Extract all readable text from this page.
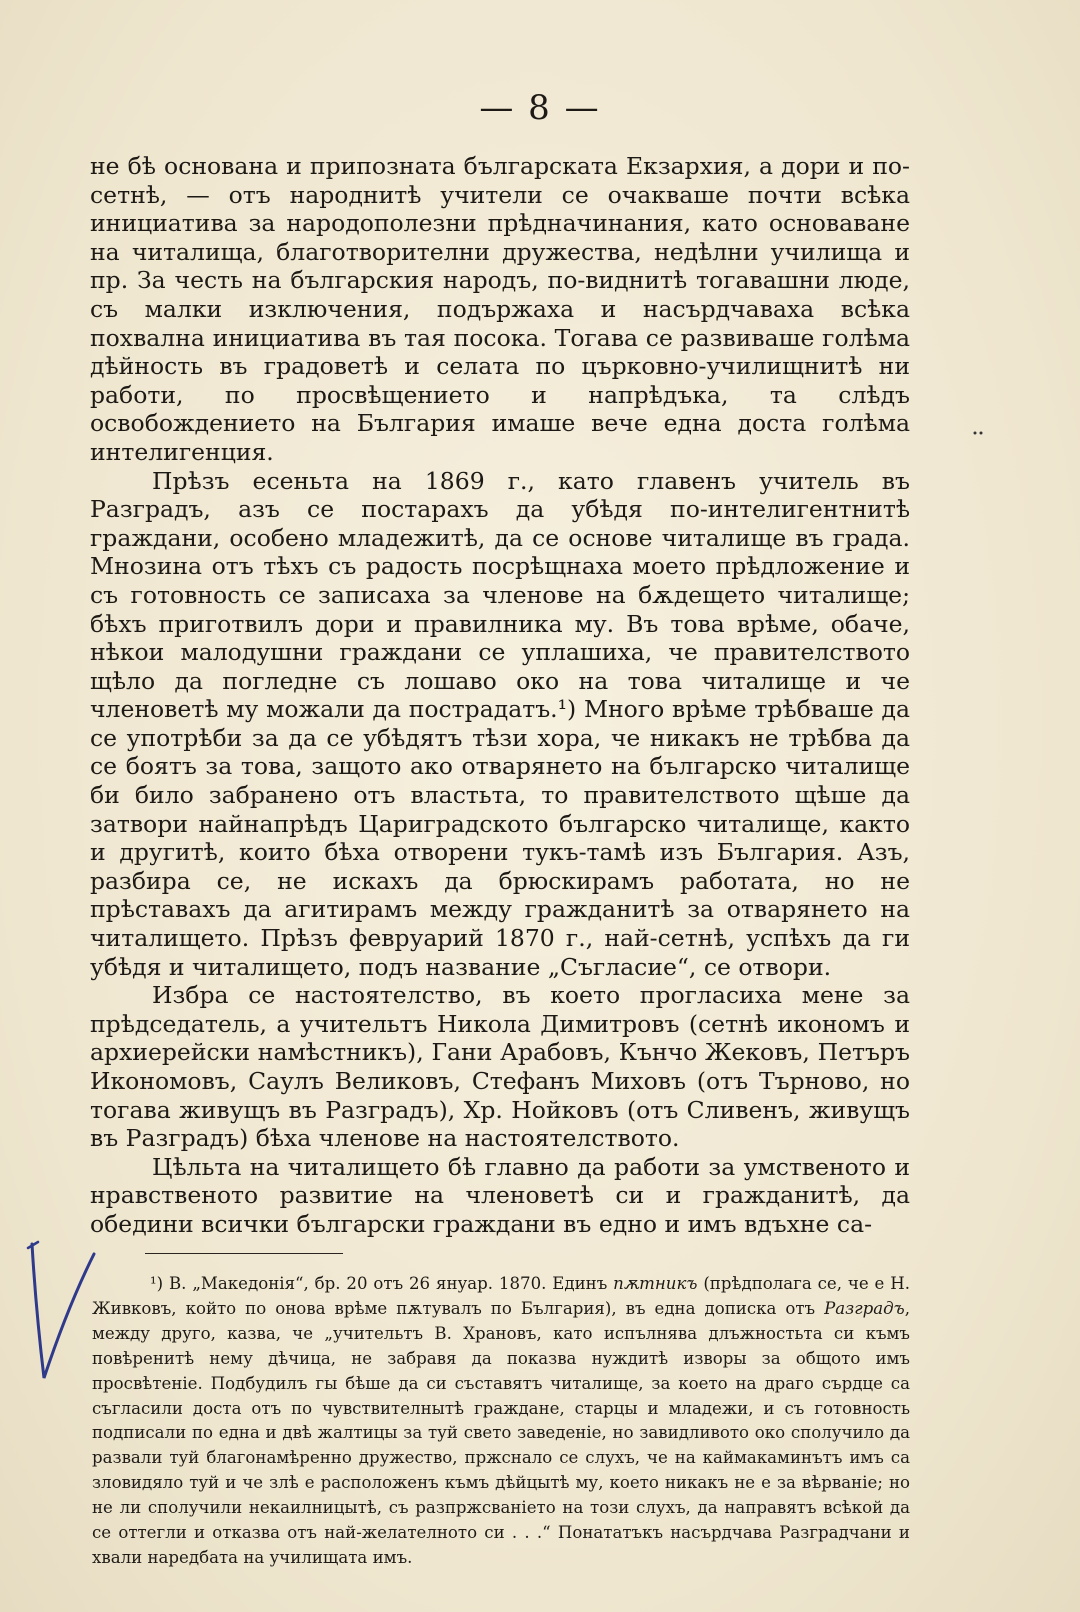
— 8 —

не бѣ основана и припозната българската Екзархия, а дори и по-сетнѣ, — отъ народнитѣ учители се очакваше почти всѣка инициатива за народополезни прѣдначинания, като основаване на читалища, благотворителни дружества, недѣлни училища и пр. За честь на българския народъ, по-виднитѣ тогавашни люде, съ малки изключения, подържаха и насърдчаваха всѣка похвална инициатива въ тая посока. Тогава се развиваше голѣма дѣйность въ градоветѣ и селата по църковно-училищнитѣ ни работи, по просвѣщението и напрѣдъка, та слѣдъ освобождението на България имаше вече една доста голѣма интелигенция.

Прѣзъ есеньта на 1869 г., като главенъ учитель въ Разградъ, азъ се постарахъ да убѣдя по-интелигентнитѣ граждани, особено младежитѣ, да се основе читалище въ града. Мнозина отъ тѣхъ съ радость посрѣщнаха моето прѣдложение и съ готовность се записаха за членове на бѫдещето читалище; бѣхъ приготвилъ дори и правилника му. Въ това врѣме, обаче, нѣкои малодушни граждани се уплашиха, че правителството щѣло да погледне съ лошаво око на това читалище и че членоветѣ му можали да пострадатъ.¹) Много врѣме трѣбваше да се употрѣби за да се убѣдятъ тѣзи хора, че никакъ не трѣбва да се боятъ за това, защото ако отварянето на българско читалище би било забранено отъ властьта, то правителството щѣше да затвори найнапрѣдъ Цариградското българско читалище, както и другитѣ, които бѣха отворени тукъ-тамѣ изъ България. Азъ, разбира се, не искахъ да брюскирамъ работата, но не прѣставахъ да агитирамъ между гражданитѣ за отварянето на читалището. Прѣзъ февруарий 1870 г., най-сетнѣ, успѣхъ да ги убѣдя и читалището, подъ название „Съгласие“, се отвори.

Избра се настоятелство, въ което прогласиха мене за прѣдседатель, а учительтъ Никола Димитровъ (сетнѣ икономъ и архиерейски намѣстникъ), Гани Арабовъ, Кънчо Жековъ, Петъръ Икономовъ, Саулъ Великовъ, Стефанъ Миховъ (отъ Търново, но тогава живущъ въ Разградъ), Хр. Нойковъ (отъ Сливенъ, живущъ въ Разградъ) бѣха членове на настоятелството.

Цѣльта на читалището бѣ главно да работи за умственото и нравственото развитие на членоветѣ си и гражданитѣ, да обедини всички български граждани въ едно и имъ вдъхне са-

¹) В. „Македонія“, бр. 20 отъ 26 януар. 1870. Единъ пѫтникъ (прѣдполага се, че е Н. Живковъ, който по онова врѣме пѫтувалъ по България), въ една дописка отъ Разградъ, между друго, казва, че „учительтъ В. Храновъ, като испълнява длъжностьта си къмъ повѣренитѣ нему дѣчица, не забравя да показва нуждитѣ изворы за общото имъ просвѣтеніе. Подбудилъ гы бѣше да си съставятъ читалище, за което на драго сърдце са съгласили доста отъ по чувствителнытѣ граждане, старцы и младежи, и съ готовность подписали по една и двѣ жалтицы за туй свето заведеніе, но завидливото око сполучило да развали туй благонамѣренно дружество, пржснало се слухъ, че на каймакаминътъ имъ са зловидяло туй и че злѣ е расположенъ къмъ дѣйцытѣ му, което никакъ не е за вѣрваніе; но не ли сполучили некаилницытѣ, съ разпржсваніето на този слухъ, да направятъ всѣкой да се оттегли и отказва отъ най-желателното си . . .“ Понататъкъ насърдчава Разградчани и хвали наредбата на училищата имъ.
